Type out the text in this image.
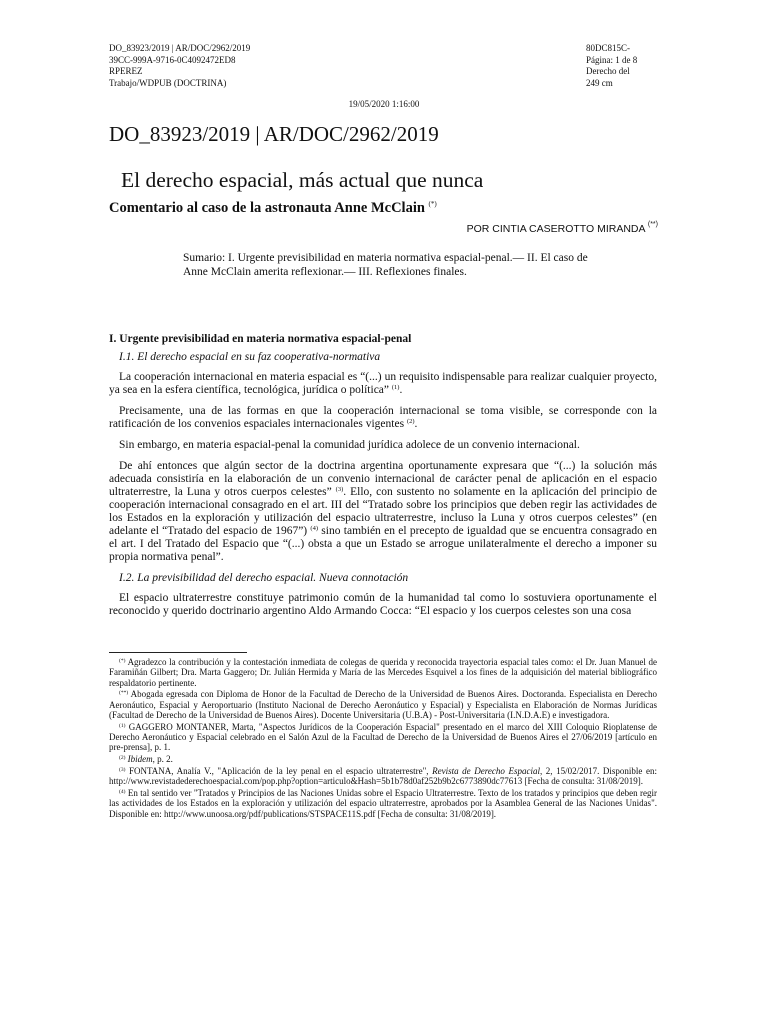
DO_83923/2019 | AR/DOC/2962/2019
39CC-999A-9716-0C4092472ED8
RPEREZ
Trabajo/WDPUB (DOCTRINA)
80DC815C-
Página: 1 de 8
Derecho del
249 cm
19/05/2020 1:16:00
DO_83923/2019 | AR/DOC/2962/2019
El derecho espacial, más actual que nunca
Comentario al caso de la astronauta Anne McClain (*)
POR CINTIA CASEROTTO MIRANDA (**)
Sumario: I. Urgente previsibilidad en materia normativa espacial-penal.— II. El caso de Anne McClain amerita reflexionar.— III. Reflexiones finales.
I. Urgente previsibilidad en materia normativa espacial-penal
I.1. El derecho espacial en su faz cooperativa-normativa

La cooperación internacional en materia espacial es “(...) un requisito indispensable para realizar cualquier proyecto, ya sea en la esfera científica, tecnológica, jurídica o política” $^{(1)}$.

Precisamente, una de las formas en que la cooperación internacional se toma visible, se corresponde con la ratificación de los convenios espaciales internacionales vigentes $^{(2)}$.

Sin embargo, en materia espacial-penal la comunidad jurídica adolece de un convenio internacional.

De ahí entonces que algún sector de la doctrina argentina oportunamente expresara que “(...) la solución más adecuada consistiría en la elaboración de un convenio internacional de carácter penal de aplicación en el espacio ultraterrestre, la Luna y otros cuerpos celestes” $^{(3)}$. Ello, con sustento no solamente en la aplicación del principio de cooperación internacional consagrado en el art. III del “Tratado sobre los principios que deben regir las actividades de los Estados en la exploración y utilización del espacio ultraterrestre, incluso la Luna y otros cuerpos celestes” (en adelante el “Tratado del espacio de 1967”) $^{(4)}$ sino también en el precepto de igualdad que se encuentra consagrado en el art. I del Tratado del Espacio que “(...) obsta a que un Estado se arrogue unilateralmente el derecho a imponer su propia normativa penal”.

I.2. La previsibilidad del derecho espacial. Nueva connotación

El espacio ultraterrestre constituye patrimonio común de la humanidad tal como lo sostuviera oportunamente el reconocido y querido doctrinario argentino Aldo Armando Cocca: “El espacio y los cuerpos celestes son una cosa

(*) Agradezco la contribución y la contestación inmediata de colegas de querida y reconocida trayectoria espacial tales como: el Dr. Juan Manuel de Faramiñán Gilbert; Dra. Marta Gaggero; Dr. Julián Hermida y María de las Mercedes Esquivel a los fines de la adquisición del material bibliográfico respaldatorio pertinente.

(**) Abogada egresada con Diploma de Honor de la Facultad de Derecho de la Universidad de Buenos Aires. Doctoranda. Especialista en Derecho Aeronáutico, Espacial y Aeroportuario (Instituto Nacional de Derecho Aeronáutico y Espacial) y Especialista en Elaboración de Normas Jurídicas (Facultad de Derecho de la Universidad de Buenos Aires). Docente Universitaria (U.B.A) - Post-Universitaria (I.N.D.A.E) e investigadora.

$^{(1)}$ GAGGERO MONTANER, Marta, "Aspectos Jurídicos de la Cooperación Espacial" presentado en el marco del XIII Coloquio Rioplatense de Derecho Aeronáutico y Espacial celebrado en el Salón Azul de la Facultad de Derecho de la Universidad de Buenos Aires el 27/06/2019 [artículo en pre-prensa], p. 1.

$^{(2)}$ Ibidem, p. 2.

$^{(3)}$ FONTANA, Analía V., "Aplicación de la ley penal en el espacio ultraterrestre", Revista de Derecho Espacial, 2, 15/02/2017. Disponible en: http://www.revistadederechoespacial.com/pop.php?option=articulo&Hash=5b1b78d0af252b9b2c6773890dc77613 [Fecha de consulta: 31/08/2019].

$^{(4)}$ En tal sentido ver "Tratados y Principios de las Naciones Unidas sobre el Espacio Ultraterrestre. Texto de los tratados y principios que deben regir las actividades de los Estados en la exploración y utilización del espacio ultraterrestre, aprobados por la Asamblea General de las Naciones Unidas". Disponible en: http://www.unoosa.org/pdf/publications/STSPACE11S.pdf [Fecha de consulta: 31/08/2019].
